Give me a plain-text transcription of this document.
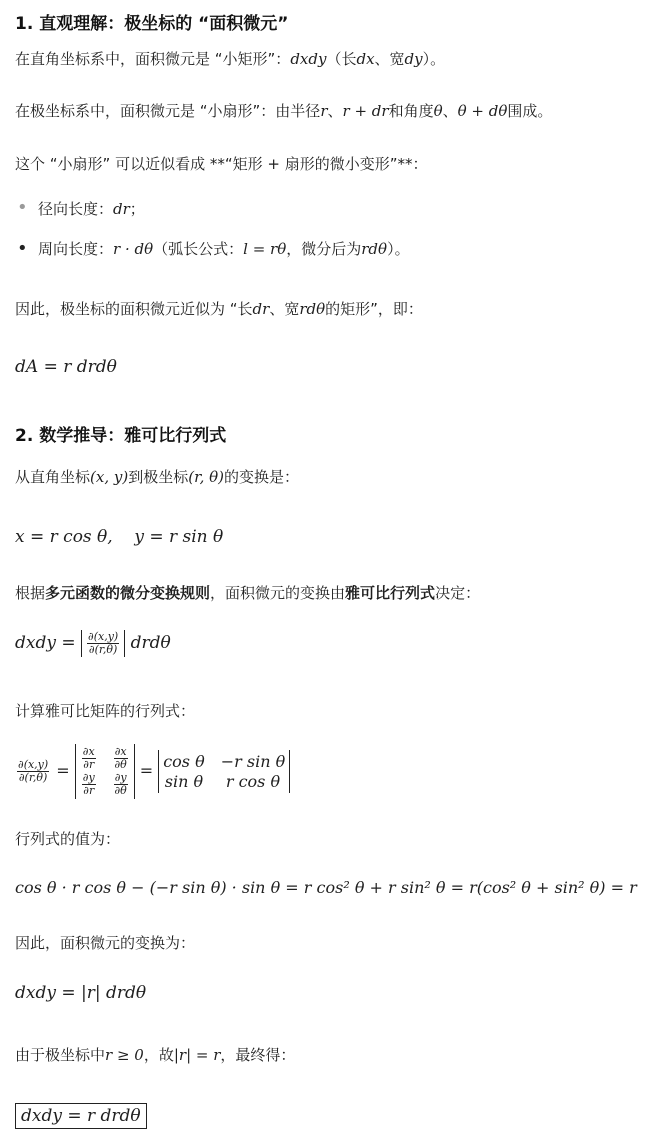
1. 直观理解：极坐标的 “面积微元”
在直角坐标系中，面积微元是 “小矩形”：dxdy（长dx、宽dy）。
在极坐标系中，面积微元是 “小扇形”：由半径r、r + dr和角度θ、θ + dθ围成。
这个 “小扇形” 可以近似看成 **“矩形 + 扇形的微小变形”**：
• 径向长度：dr；
• 周向长度：r · dθ（弧长公式：l = rθ，微分后为rdθ）。
因此，极坐标的面积微元近似为 “长dr、宽rdθ的矩形”，即：
dA = r drdθ
2. 数学推导：雅可比行列式
从直角坐标(x, y)到极坐标(r, θ)的变换是：
x = r cos θ, y = r sin θ
根据多元函数的微分变换规则，面积微元的变换由雅可比行列式决定：
dxdy = $\frac{\partial(x,y)}{\partial(r,\theta)}$ drdθ
计算雅可比矩阵的行列式：
$\frac{\partial(x,y)}{\partial(r,\theta)} = \frac{\partial x}{\partial r} \frac{\partial x}{\partial\theta}$
$\frac{\partial y}{\partial r} \frac{\partial y}{\partial\theta}$
= cos θ −r sin θ
sin θ	r cos θ
行列式的值为：
cos θ · r cos θ − (−r sin θ) · sin θ = r cos² θ + r sin² θ = r(cos² θ + sin² θ) = r
因此，面积微元的变换为：
dxdy = |r| drdθ
由于极坐标中r ≥ 0，故|r| = r，最终得：
dxdy = r drdθ
